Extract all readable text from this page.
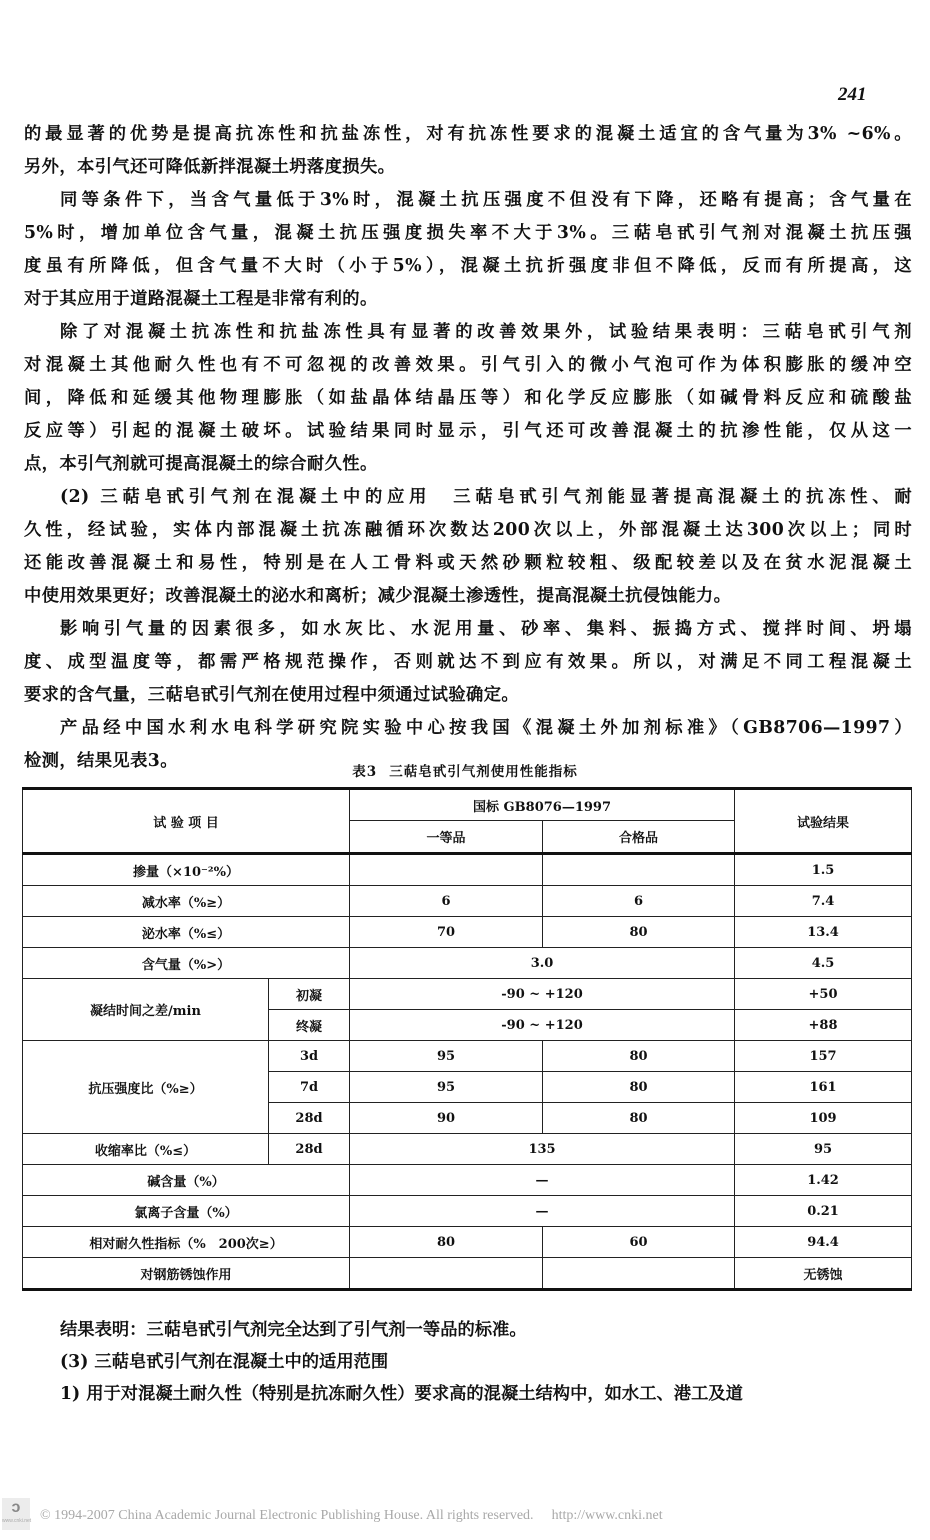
241
的最显著的优势是提高抗冻性和抗盐冻性，对有抗冻性要求的混凝土适宜的含气量为3% ~6%。
另外，本引气还可降低新拌混凝土坍落度损失。
同等条件下，当含气量低于3%时，混凝土抗压强度不但没有下降，还略有提高；含气量在
5%时，增加单位含气量，混凝土抗压强度损失率不大于3%。三萜皂甙引气剂对混凝土抗压强
度虽有所降低，但含气量不大时（小于5%），混凝土抗折强度非但不降低，反而有所提高，这
对于其应用于道路混凝土工程是非常有利的。
除了对混凝土抗冻性和抗盐冻性具有显著的改善效果外，试验结果表明：三萜皂甙引气剂
对混凝土其他耐久性也有不可忽视的改善效果。引气引入的微小气泡可作为体积膨胀的缓冲空
间，降低和延缓其他物理膨胀（如盐晶体结晶压等）和化学反应膨胀（如碱骨料反应和硫酸盐
反应等）引起的混凝土破坏。试验结果同时显示，引气还可改善混凝土的抗渗性能，仅从这一
点，本引气剂就可提高混凝土的综合耐久性。
(2) 三萜皂甙引气剂在混凝土中的应用　三萜皂甙引气剂能显著提高混凝土的抗冻性、耐
久性，经试验，实体内部混凝土抗冻融循环次数达200次以上，外部混凝土达300次以上；同时
还能改善混凝土和易性，特别是在人工骨料或天然砂颗粒较粗、级配较差以及在贫水泥混凝土
中使用效果更好；改善混凝土的泌水和离析；减少混凝土渗透性，提高混凝土抗侵蚀能力。
影响引气量的因素很多，如水灰比、水泥用量、砂率、集料、振捣方式、搅拌时间、坍塌
度、成型温度等，都需严格规范操作，否则就达不到应有效果。所以，对满足不同工程混凝土
要求的含气量，三萜皂甙引气剂在使用过程中须通过试验确定。
产品经中国水利水电科学研究院实验中心按我国《混凝土外加剂标准》（GB8706—1997）
检测，结果见表3。
表3 三萜皂甙引气剂使用性能指标
试 验 项 目		国标 GB8076—1997		试验结果
		一等品	合格品	
掺量（×10⁻²%）				1.5
减水率（%≥）		6	6	7.4
泌水率（%≤）		70	80	13.4
含气量（%>）		3.0		4.5
凝结时间之差/min	初凝	-90 ~ +120		+50
	终凝	-90 ~ +120		+88
抗压强度比（%≥）	3d	95	80	157
	7d	95	80	161
	28d	90	80	109
收缩率比（%≤）	28d	135		95
碱含量（%）		—		1.42
氯离子含量（%）		—		0.21
相对耐久性指标（%　200次≥）		80	60	94.4
对钢筋锈蚀作用				无锈蚀
结果表明：三萜皂甙引气剂完全达到了引气剂一等品的标准。
(3) 三萜皂甙引气剂在混凝土中的适用范围
1) 用于对混凝土耐久性（特别是抗冻耐久性）要求高的混凝土结构中，如水工、港工及道
ↄ
www.cnki.net © 1994-2007 China Academic Journal Electronic Publishing House. All rights reserved. http://www.cnki.net
